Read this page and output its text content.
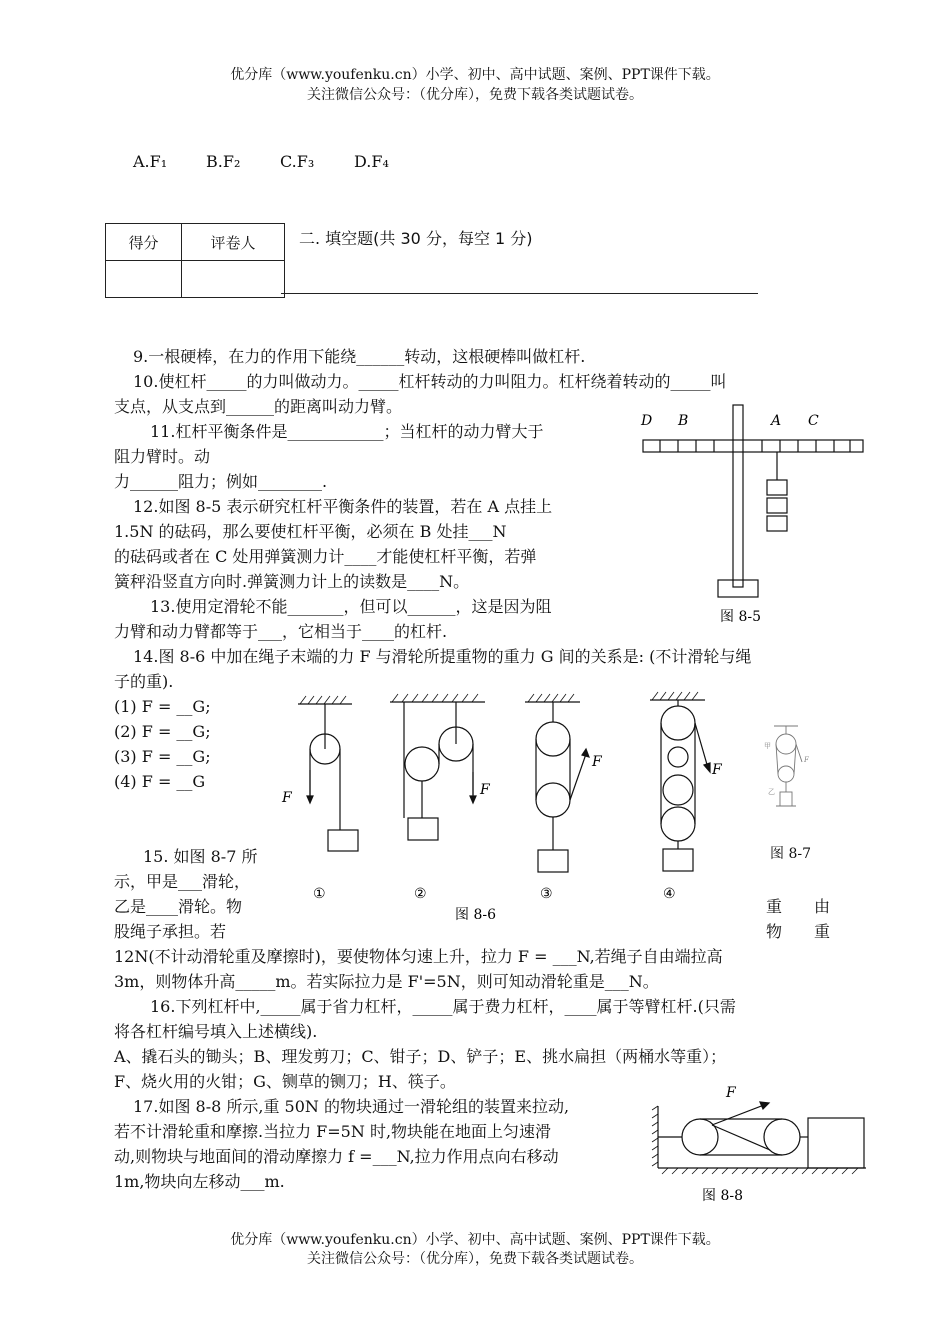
优分库（www.youfenku.cn）小学、初中、高中试题、案例、PPT课件下载。
关注微信公众号：（优分库），免费下载各类试题试卷。
A.F₁ B.F₂ C.F₃ D.F₄
得分	评卷人
		二. 填空题(共 30 分，每空 1 分)
9.一根硬棒，在力的作用下能绕______转动，这根硬棒叫做杠杆.
10.使杠杆_____的力叫做动力。_____杠杆转动的力叫阻力。杠杆绕着转动的_____叫
支点，从支点到______的距离叫动力臂。
11.杠杆平衡条件是____________；当杠杆的动力臂大于
阻力臂时。动
力______阻力；例如________.
12.如图 8-5 表示研究杠杆平衡条件的装置，若在 A 点挂上
1.5N 的砝码，那么要使杠杆平衡，必须在 B 处挂___N
的砝码或者在 C 处用弹簧测力计____才能使杠杆平衡，若弹
簧秤沿竖直方向时.弹簧测力计上的读数是____N。
13.使用定滑轮不能_______，但可以______，这是因为阻
力臂和动力臂都等于___，它相当于____的杠杆.
14.图 8-6 中加在绳子末端的力 F 与滑轮所提重物的重力 G 间的关系是: (不计滑轮与绳
子的重).
(1) F = __G;
(2) F = __G;
(3) F = __G;
(4) F = __G
15. 如图 8-7 所
示，甲是___滑轮，
乙是____滑轮。物
股绳子承担。若
重　　由
物　　重
12N(不计动滑轮重及摩擦时)，要使物体匀速上升，拉力 F = ___N,若绳子自由端拉高
3m，则物体升高_____m。若实际拉力是 F'=5N，则可知动滑轮重是___N。
16.下列杠杆中,_____属于省力杠杆，_____属于费力杠杆，____属于等臂杠杆.(只需
将各杠杆编号填入上述横线).
A、撬石头的锄头；B、理发剪刀；C、钳子；D、铲子；E、挑水扁担（两桶水等重）；
F、烧火用的火钳；G、铡草的铡刀；H、筷子。
17.如图 8-8 所示,重 50N 的物块通过一滑轮组的装置来拉动,
若不计滑轮重和摩擦.当拉力 F=5N 时,物块能在地面上匀速滑
动,则物块与地面间的滑动摩擦力 f =___N,拉力作用点向右移动
1m,物块向左移动___m.
D B	A C
图 8-5
F	F
F	F
①	②	③	④
图 8-6
甲
乙
F
图 8-7
F
图 8-8
优分库（www.youfenku.cn）小学、初中、高中试题、案例、PPT课件下载。
关注微信公众号：（优分库），免费下载各类试题试卷。
